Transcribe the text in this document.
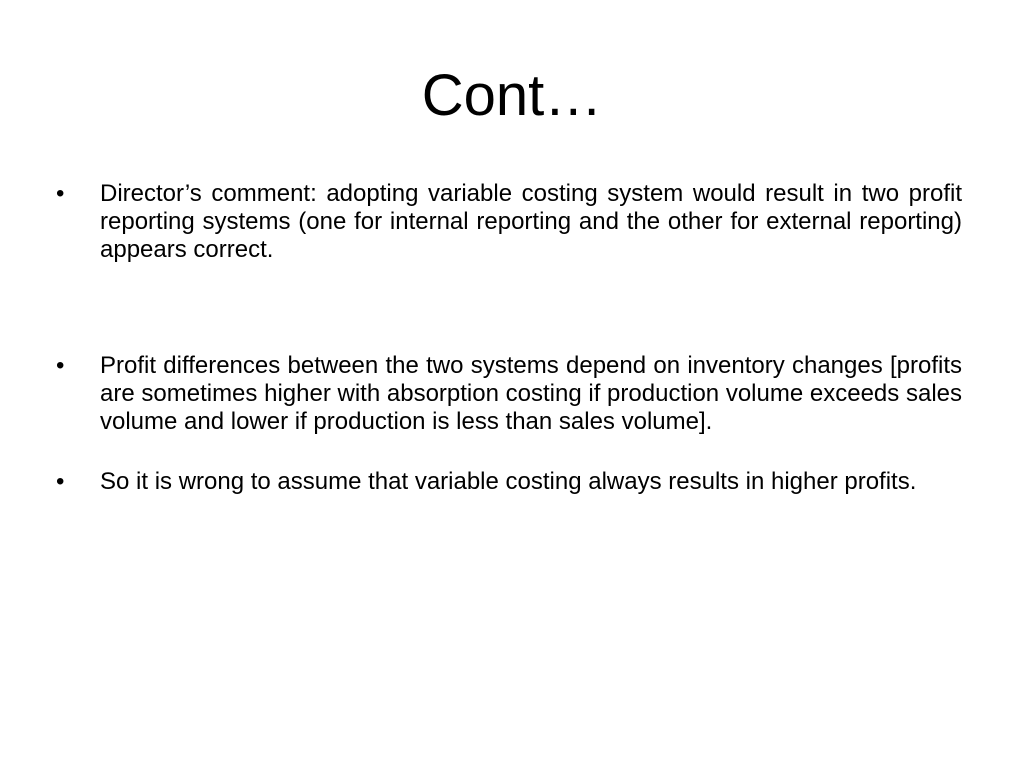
Cont…
•	Director’s comment: adopting variable costing system would result in two profit reporting systems (one for internal reporting and the other for external reporting) appears correct.
•	Profit differences between the two systems depend on inventory changes [profits are sometimes higher with absorption costing if production volume exceeds sales volume and lower if production is less than sales volume].
•	So it is wrong to assume that variable costing always results in higher profits.
